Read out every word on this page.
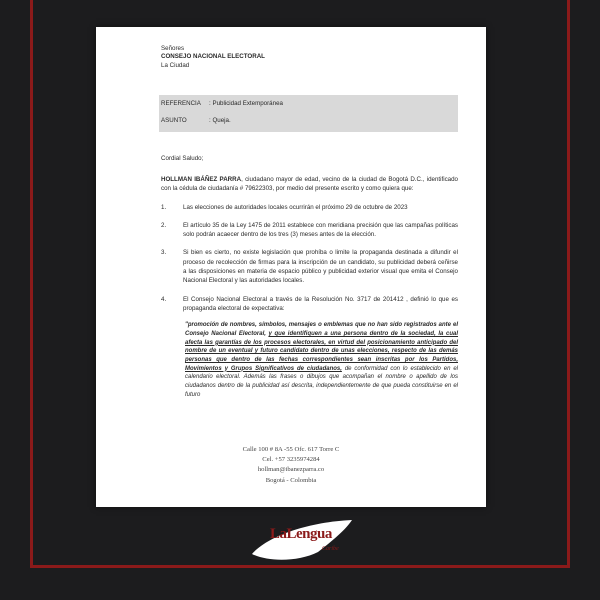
Señores
CONSEJO NACIONAL ELECTORAL
La Ciudad
REFERENCIA	: Publicidad Extemporánea
ASUNTO	: Queja.

Cordial Saludo;

HOLLMAN IBÁÑEZ PARRA, ciudadano mayor de edad, vecino de la ciudad de Bogotá D.C., identificado con la cédula de ciudadanía # 79622303, por medio del presente escrito y como quiera que:

1.	Las elecciones de autoridades locales ocurrirán el próximo 29 de octubre de 2023
2.	El artículo 35 de la Ley 1475 de 2011 establece con meridiana precisión que las campañas políticas solo podrán acaecer dentro de los tres (3) meses antes de la elección.
3.	Si bien es cierto, no existe legislación que prohíba o limite la propaganda destinada a difundir el proceso de recolección de firmas para la inscripción de un candidato, su publicidad deberá ceñirse a las disposiciones en materia de espacio público y publicidad exterior visual que emita el Consejo Nacional Electoral y las autoridades locales.
4.	El Consejo Nacional Electoral a través de la Resolución No. 3717 de 201412 , definió lo que es propaganda electoral de expectativa:

"promoción de nombres, símbolos, mensajes o emblemas que no han sido registrados ante el Consejo Nacional Electoral, y que identifiquen a una persona dentro de la sociedad, la cual afecta las garantías de los procesos electorales, en virtud del posicionamiento anticipado del nombre de un eventual y futuro candidato dentro de unas elecciones, respecto de las demás personas que dentro de las fechas correspondientes sean inscritas por los Partidos, Movimientos y Grupos Significativos de ciudadanos, de conformidad con lo establecido en el calendario electoral. Además las frases o dibujos que acompañan el nombre o apellido de los ciudadanos dentro de la publicidad así descrita, independientemente de que pueda constituirse en el futuro

Calle 100 # 8A -55 Ofc. 617 Torre C
Cel. +57 3235974284
hollman@ibanezparra.co
Bogotá - Colombia
LaLengua
Caribe
